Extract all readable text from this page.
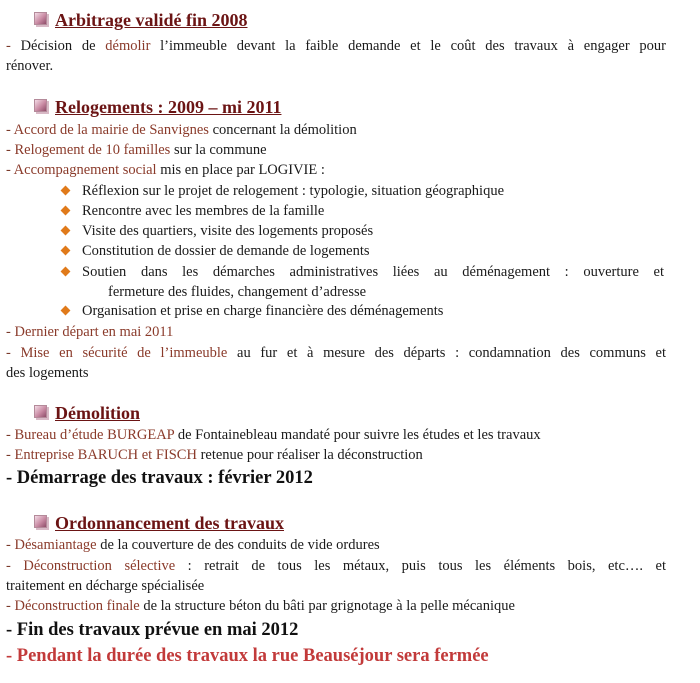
Arbitrage validé fin 2008
- Décision de démolir l’immeuble devant la faible demande et le coût des travaux à engager pour
rénover.
Relogements : 2009 – mi 2011
- Accord de la mairie de Sanvignes concernant la démolition
- Relogement de 10 familles sur la commune
- Accompagnement social mis en place par LOGIVIE :
Réflexion sur le projet de relogement : typologie, situation géographique
Rencontre avec les membres de la famille
Visite des quartiers, visite des logements proposés
Constitution de dossier de demande de logements
Soutien dans les démarches administratives liées au déménagement : ouverture et
fermeture des fluides, changement d’adresse
Organisation et prise en charge financière des déménagements
- Dernier départ en mai 2011
- Mise en sécurité de l’immeuble au fur et à mesure des départs : condamnation des communs et
des logements
Démolition
- Bureau d’étude BURGEAP de Fontainebleau mandaté pour suivre les études et les travaux
- Entreprise BARUCH et FISCH retenue pour réaliser la déconstruction
- Démarrage des travaux : février 2012
Ordonnancement des travaux
- Désamiantage de la couverture de des conduits de vide ordures
- Déconstruction sélective : retrait de tous les métaux, puis tous les éléments bois, etc…. et
traitement en décharge spécialisée
- Déconstruction finale de la structure béton du bâti par grignotage à la pelle mécanique
- Fin des travaux prévue en mai 2012
- Pendant la durée des travaux la rue Beauséjour sera fermée
